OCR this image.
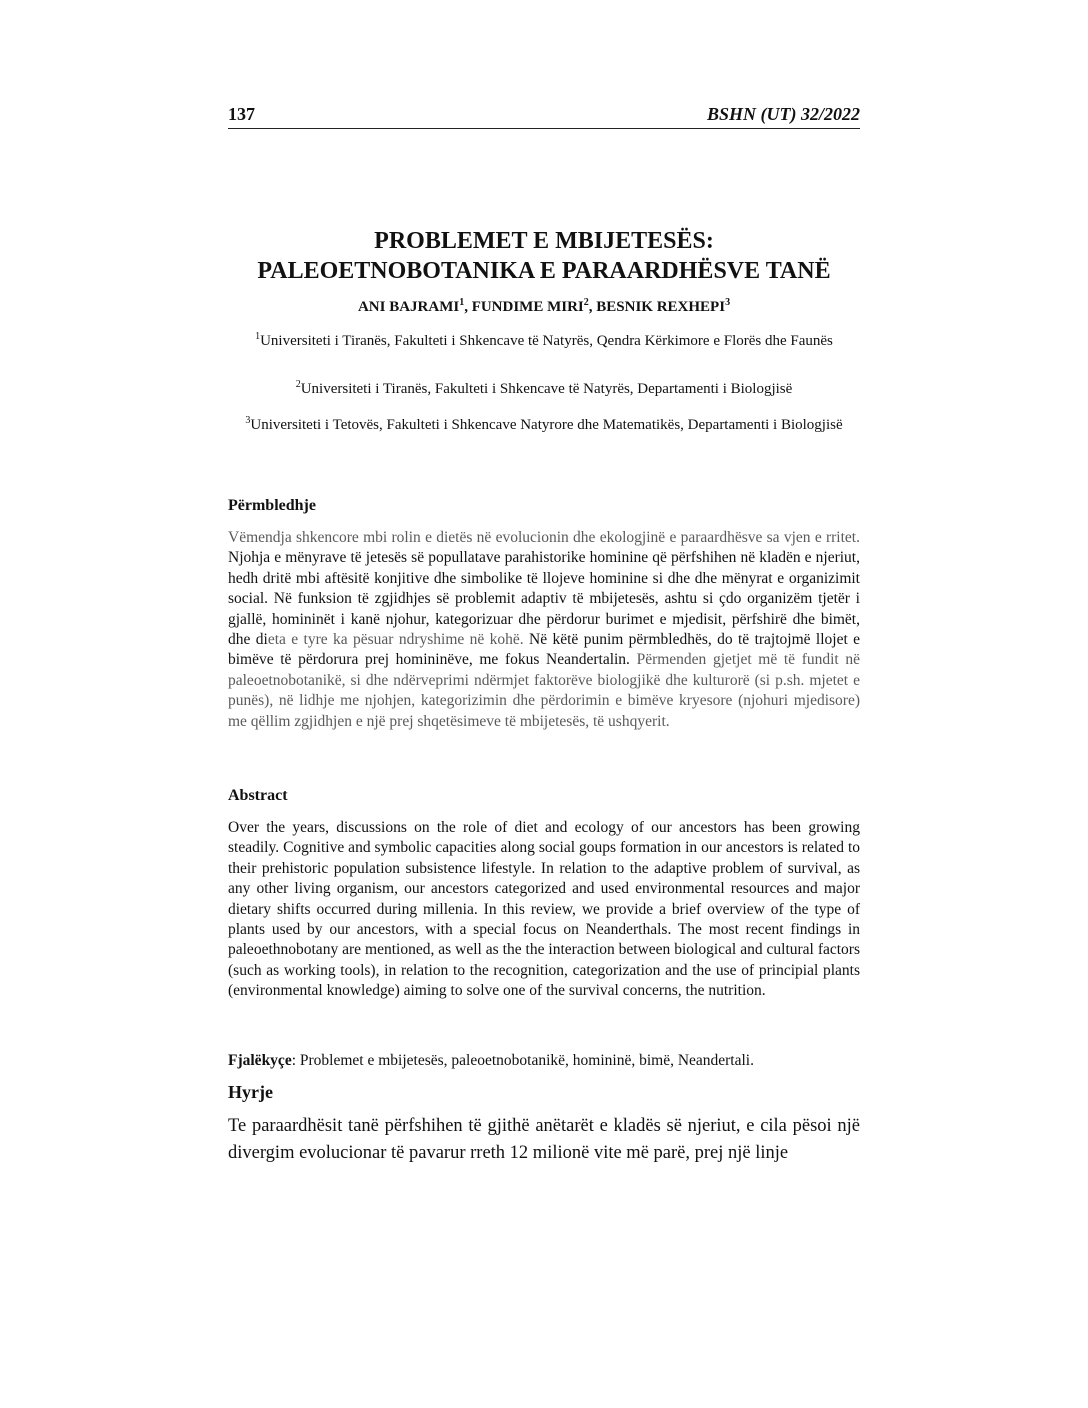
137	BSHN (UT) 32/2022
PROBLEMET E MBIJETESËS:
PALEOETNOBOTANIKA E PARAARDHËSVE TANË
ANI BAJRAMI$^1$, FUNDIME MIRI$^2$, BESNIK REXHEPI$^3$
$^1$Universiteti i Tiranës, Fakulteti i Shkencave të Natyrës, Qendra Kërkimore e Florës dhe Faunës
$^2$Universiteti i Tiranës, Fakulteti i Shkencave të Natyrës, Departamenti i Biologjisë
$^3$Universiteti i Tetovës, Fakulteti i Shkencave Natyrore dhe Matematikës, Departamenti i Biologjisë
Përmbledhje
Vëmendja shkencore mbi rolin e dietës në evolucionin dhe ekologjinë e paraardhësve sa vjen e rritet. Njohja e mënyrave të jetesës së popullatave parahistorike hominine që përfshihen në kladën e njeriut, hedh dritë mbi aftësitë konjitive dhe simbolike të llojeve hominine si dhe dhe mënyrat e organizimit social. Në funksion të zgjidhjes së problemit adaptiv të mbijetesës, ashtu si çdo organizëm tjetër i gjallë, homininët i kanë njohur, kategorizuar dhe përdorur burimet e mjedisit, përfshirë dhe bimët, dhe dieta e tyre ka pësuar ndryshime në kohë. Në këtë punim përmbledhës, do të trajtojmë llojet e bimëve të përdorura prej homininëve, me fokus Neandertalin. Përmenden gjetjet më të fundit në paleoetnobotanikë, si dhe ndërveprimi ndërmjet faktorëve biologjikë dhe kulturorë (si p.sh. mjetet e punës), në lidhje me njohjen, kategorizimin dhe përdorimin e bimëve kryesore (njohuri mjedisore) me qëllim zgjidhjen e një prej shqetësimeve të mbijetesës, të ushqyerit.
Abstract
Over the years, discussions on the role of diet and ecology of our ancestors has been growing steadily. Cognitive and symbolic capacities along social goups formation in our ancestors is related to their prehistoric population subsistence lifestyle. In relation to the adaptive problem of survival, as any other living organism, our ancestors categorized and used environmental resources and major dietary shifts occurred during millenia. In this review, we provide a brief overview of the type of plants used by our ancestors, with a special focus on Neanderthals. The most recent findings in paleoethnobotany are mentioned, as well as the the interaction between biological and cultural factors (such as working tools), in relation to the recognition, categorization and the use of principial plants (environmental knowledge) aiming to solve one of the survival concerns, the nutrition.
Fjalëkyçe: Problemet e mbijetesës, paleoetnobotanikë, homininë, bimë, Neandertali.
Hyrje
Te paraardhësit tanë përfshihen të gjithë anëtarët e kladës së njeriut, e cila pësoi një divergim evolucionar të pavarur rreth 12 milionë vite më parë, prej një linje
